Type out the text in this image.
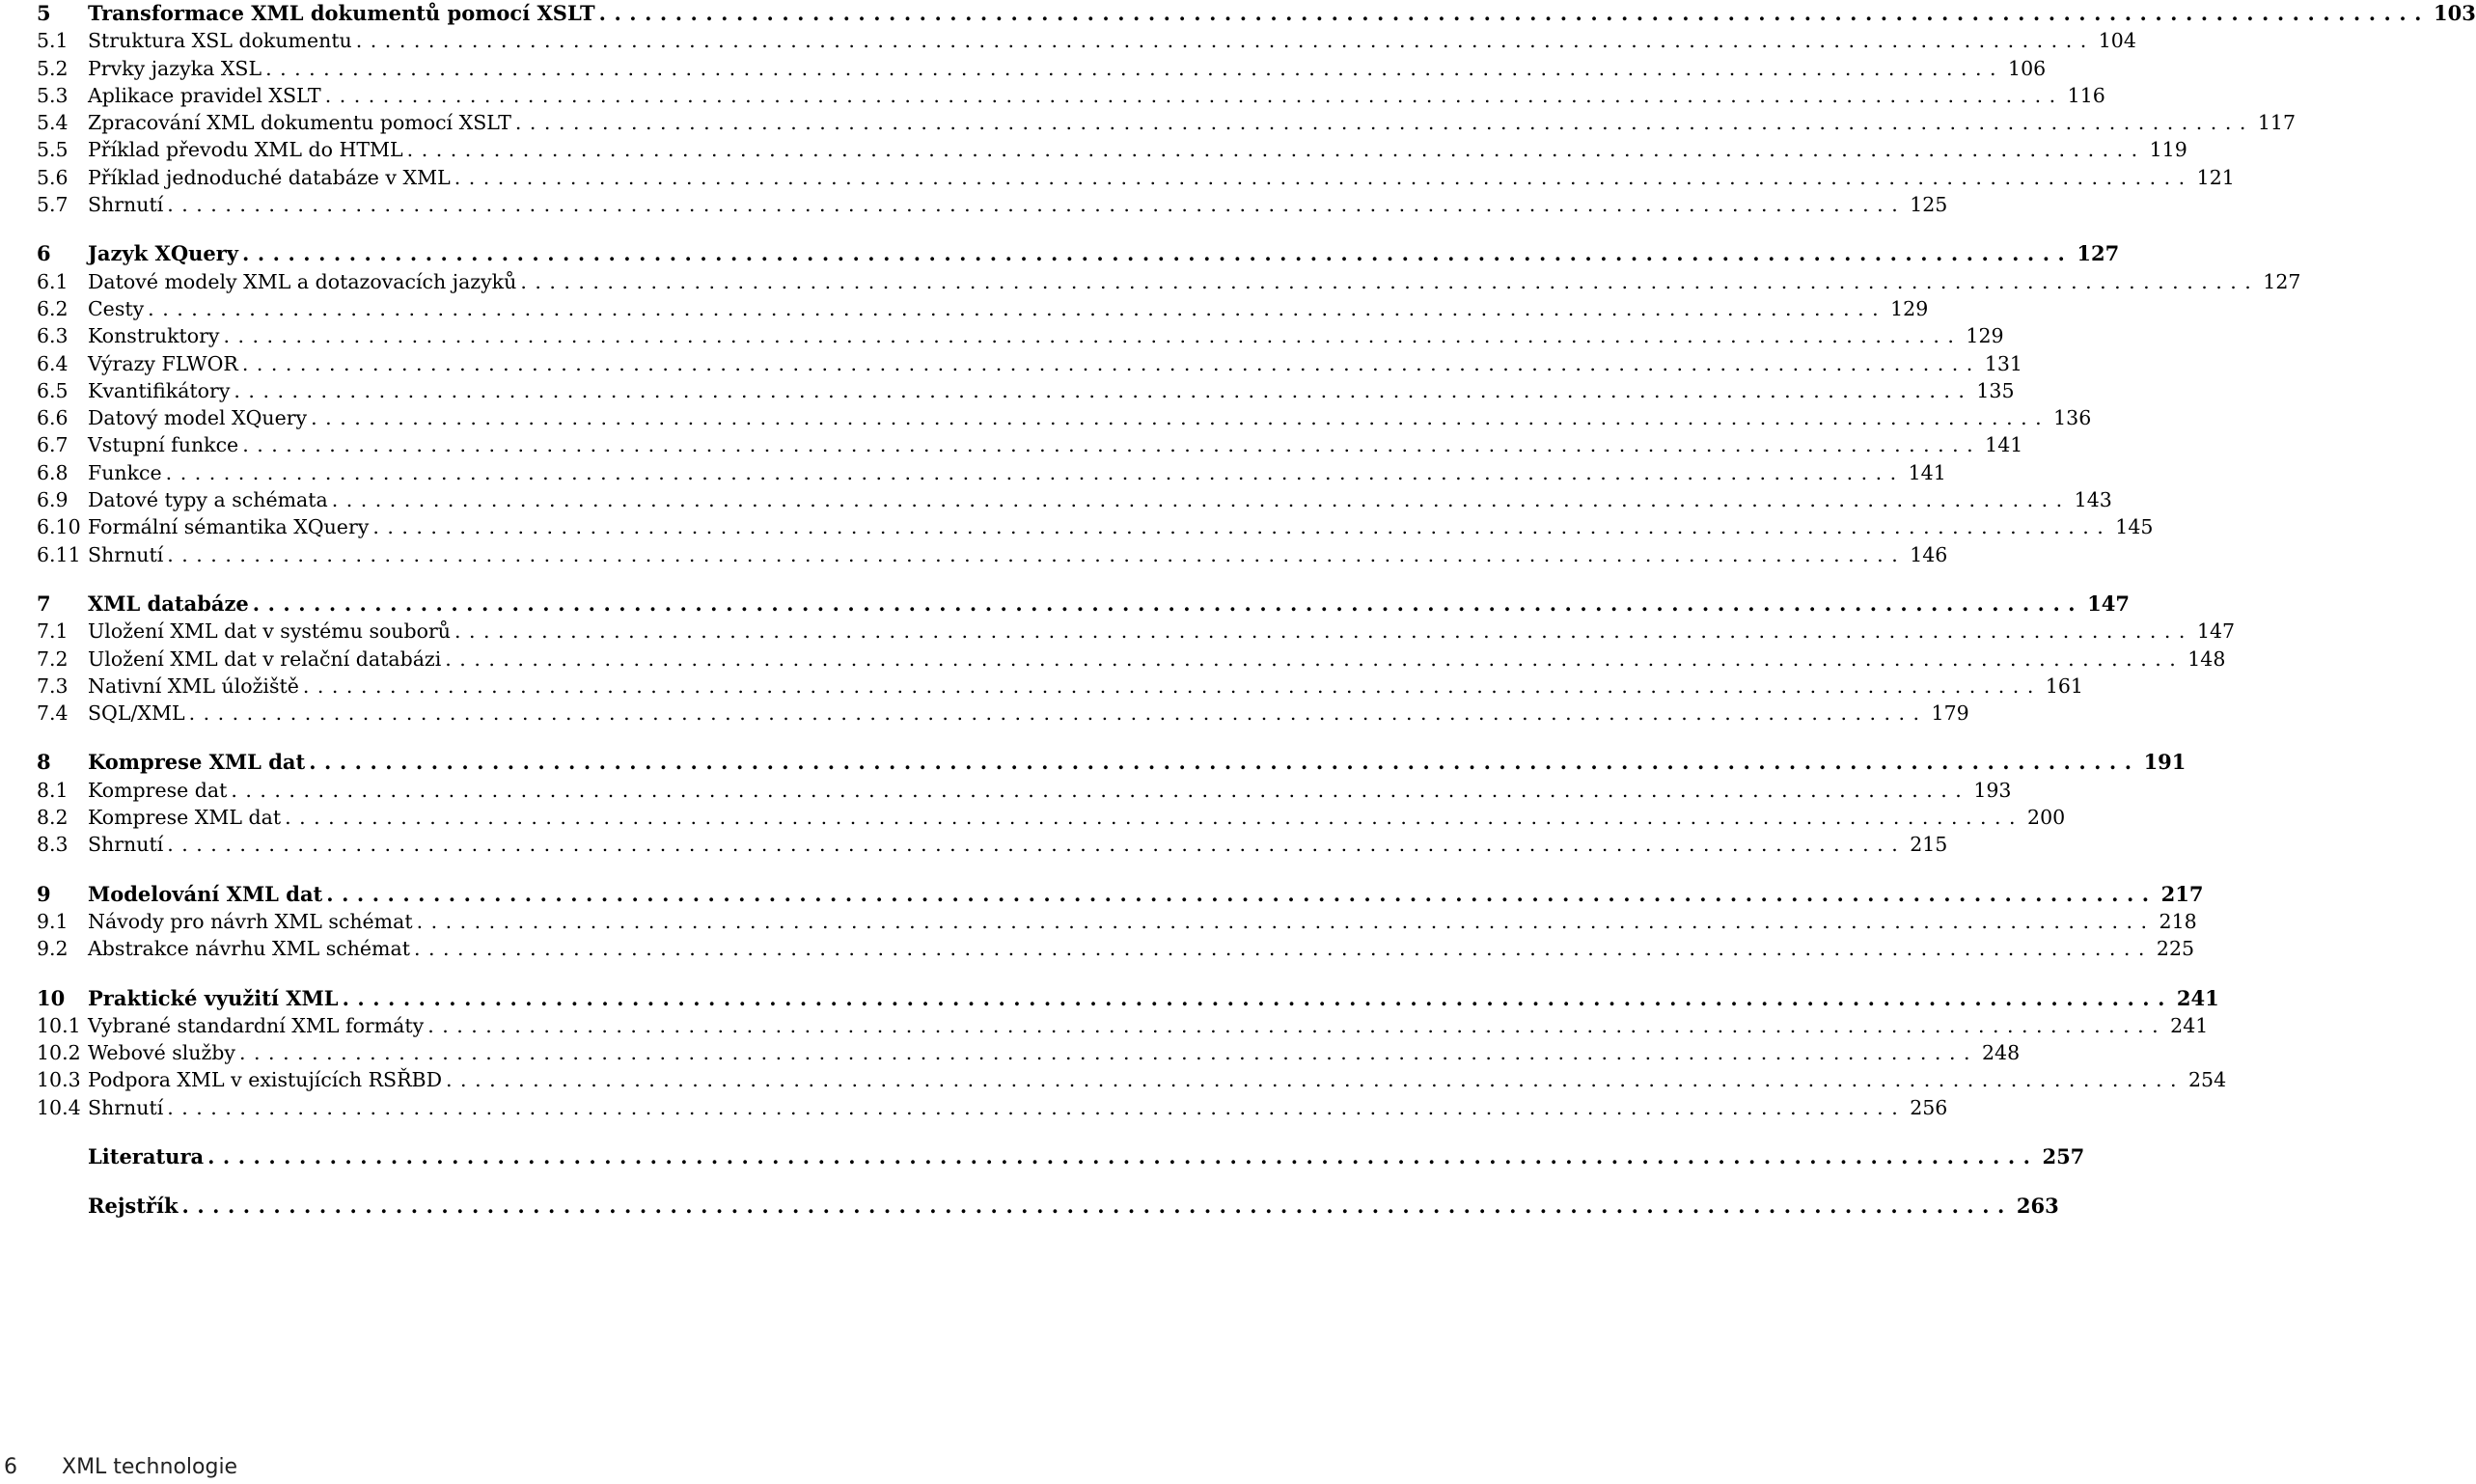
5	Transformace XML dokumentů pomocí XSLT ........................................................................................................................ 103
5.1 Struktura XSL dokumentu ........................................................................................................................ 104
5.2 Prvky jazyka XSL ........................................................................................................................ 106
5.3 Aplikace pravidel XSLT ........................................................................................................................ 116
5.4 Zpracování XML dokumentu pomocí XSLT ........................................................................................................................ 117
5.5 Příklad převodu XML do HTML ........................................................................................................................ 119
5.6 Příklad jednoduché databáze v XML ........................................................................................................................ 121
5.7 Shrnutí ........................................................................................................................ 125
6	Jazyk XQuery ........................................................................................................................ 127
6.1 Datové modely XML a dotazovacích jazyků ........................................................................................................................ 127
6.2 Cesty ........................................................................................................................ 129
6.3 Konstruktory ........................................................................................................................ 129
6.4 Výrazy FLWOR ........................................................................................................................ 131
6.5 Kvantifikátory ........................................................................................................................ 135
6.6 Datový model XQuery ........................................................................................................................ 136
6.7 Vstupní funkce ........................................................................................................................ 141
6.8 Funkce ........................................................................................................................ 141
6.9 Datové typy a schémata ........................................................................................................................ 143
6.10 Formální sémantika XQuery ........................................................................................................................ 145
6.11 Shrnutí ........................................................................................................................ 146
7	XML databáze ........................................................................................................................ 147
7.1 Uložení XML dat v systému souborů ........................................................................................................................ 147
7.2 Uložení XML dat v relační databázi ........................................................................................................................ 148
7.3 Nativní XML úložiště ........................................................................................................................ 161
7.4 SQL/XML ........................................................................................................................ 179
8	Komprese XML dat ........................................................................................................................ 191
8.1 Komprese dat ........................................................................................................................ 193
8.2 Komprese XML dat ........................................................................................................................ 200
8.3 Shrnutí ........................................................................................................................ 215
9	Modelování XML dat ........................................................................................................................ 217
9.1 Návody pro návrh XML schémat ........................................................................................................................ 218
9.2 Abstrakce návrhu XML schémat ........................................................................................................................ 225
10	Praktické využití XML ........................................................................................................................ 241
10.1 Vybrané standardní XML formáty ........................................................................................................................ 241
10.2 Webové služby ........................................................................................................................ 248
10.3 Podpora XML v existujících RSŘBD ........................................................................................................................ 254
10.4 Shrnutí ........................................................................................................................ 256
Literatura ........................................................................................................................ 257
Rejstřík ........................................................................................................................ 263
6 XML technologie
